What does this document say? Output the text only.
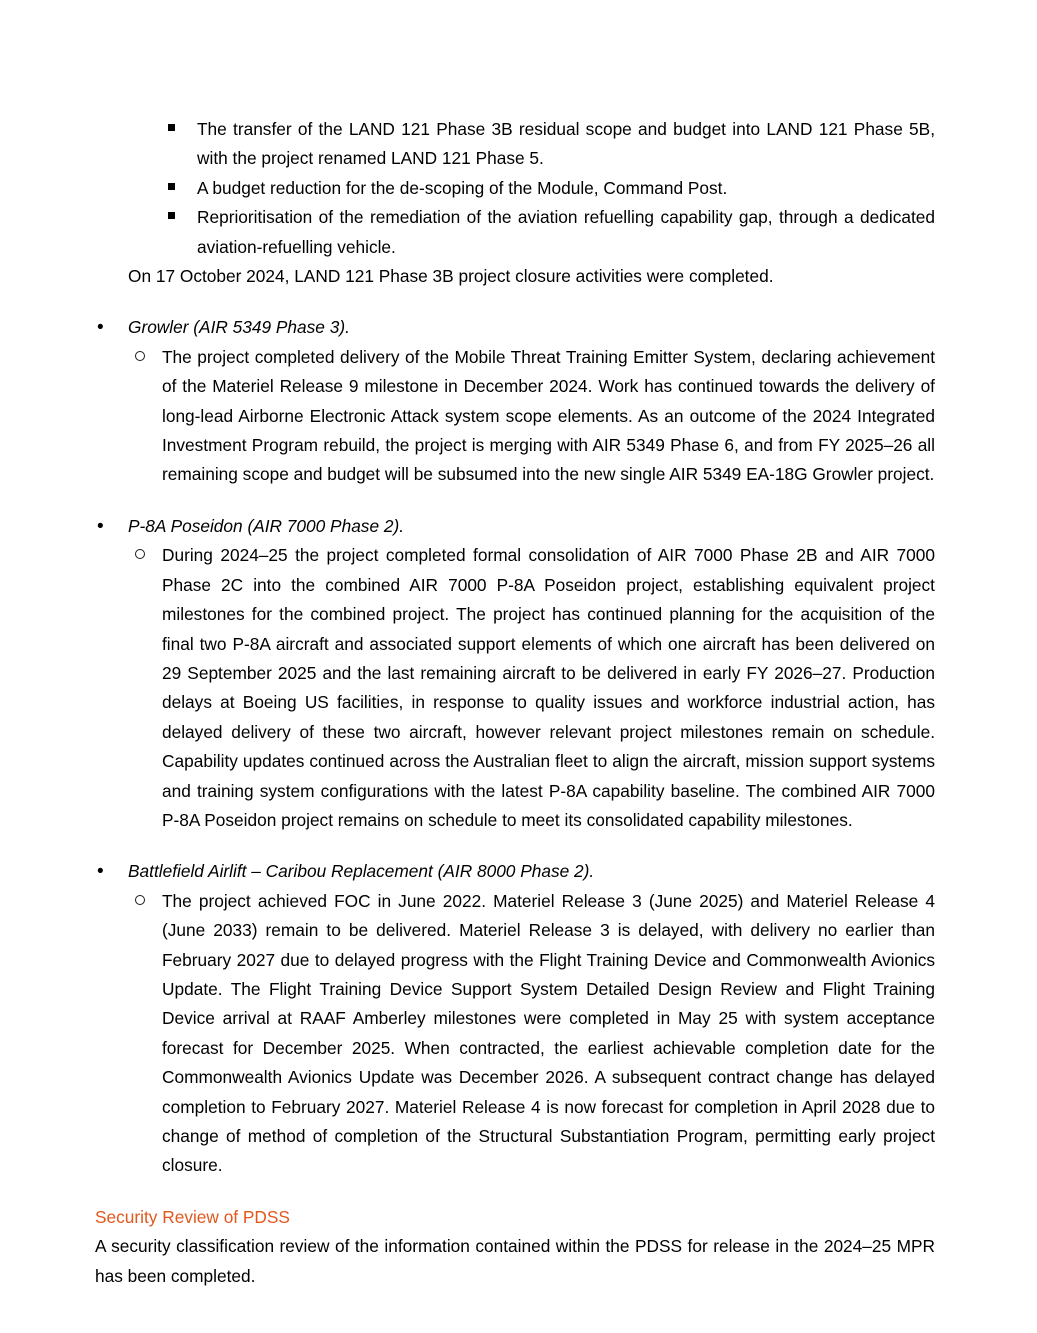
The transfer of the LAND 121 Phase 3B residual scope and budget into LAND 121 Phase 5B, with the project renamed LAND 121 Phase 5.
A budget reduction for the de-scoping of the Module, Command Post.
Reprioritisation of the remediation of the aviation refuelling capability gap, through a dedicated aviation-refuelling vehicle.

On 17 October 2024, LAND 121 Phase 3B project closure activities were completed.

• Growler (AIR 5349 Phase 3).
The project completed delivery of the Mobile Threat Training Emitter System, declaring achievement of the Materiel Release 9 milestone in December 2024. Work has continued towards the delivery of long-lead Airborne Electronic Attack system scope elements. As an outcome of the 2024 Integrated Investment Program rebuild, the project is merging with AIR 5349 Phase 6, and from FY 2025–26 all remaining scope and budget will be subsumed into the new single AIR 5349 EA-18G Growler project.
• P-8A Poseidon (AIR 7000 Phase 2).
During 2024–25 the project completed formal consolidation of AIR 7000 Phase 2B and AIR 7000 Phase 2C into the combined AIR 7000 P-8A Poseidon project, establishing equivalent project milestones for the combined project. The project has continued planning for the acquisition of the final two P-8A aircraft and associated support elements of which one aircraft has been delivered on 29 September 2025 and the last remaining aircraft to be delivered in early FY 2026–27. Production delays at Boeing US facilities, in response to quality issues and workforce industrial action, has delayed delivery of these two aircraft, however relevant project milestones remain on schedule. Capability updates continued across the Australian fleet to align the aircraft, mission support systems and training system configurations with the latest P-8A capability baseline. The combined AIR 7000 P-8A Poseidon project remains on schedule to meet its consolidated capability milestones.
• Battlefield Airlift – Caribou Replacement (AIR 8000 Phase 2).
The project achieved FOC in June 2022. Materiel Release 3 (June 2025) and Materiel Release 4 (June 2033) remain to be delivered. Materiel Release 3 is delayed, with delivery no earlier than February 2027 due to delayed progress with the Flight Training Device and Commonwealth Avionics Update. The Flight Training Device Support System Detailed Design Review and Flight Training Device arrival at RAAF Amberley milestones were completed in May 25 with system acceptance forecast for December 2025. When contracted, the earliest achievable completion date for the Commonwealth Avionics Update was December 2026. A subsequent contract change has delayed completion to February 2027. Materiel Release 4 is now forecast for completion in April 2028 due to change of method of completion of the Structural Substantiation Program, permitting early project closure.
Security Review of PDSS

A security classification review of the information contained within the PDSS for release in the 2024–25 MPR has been completed.
